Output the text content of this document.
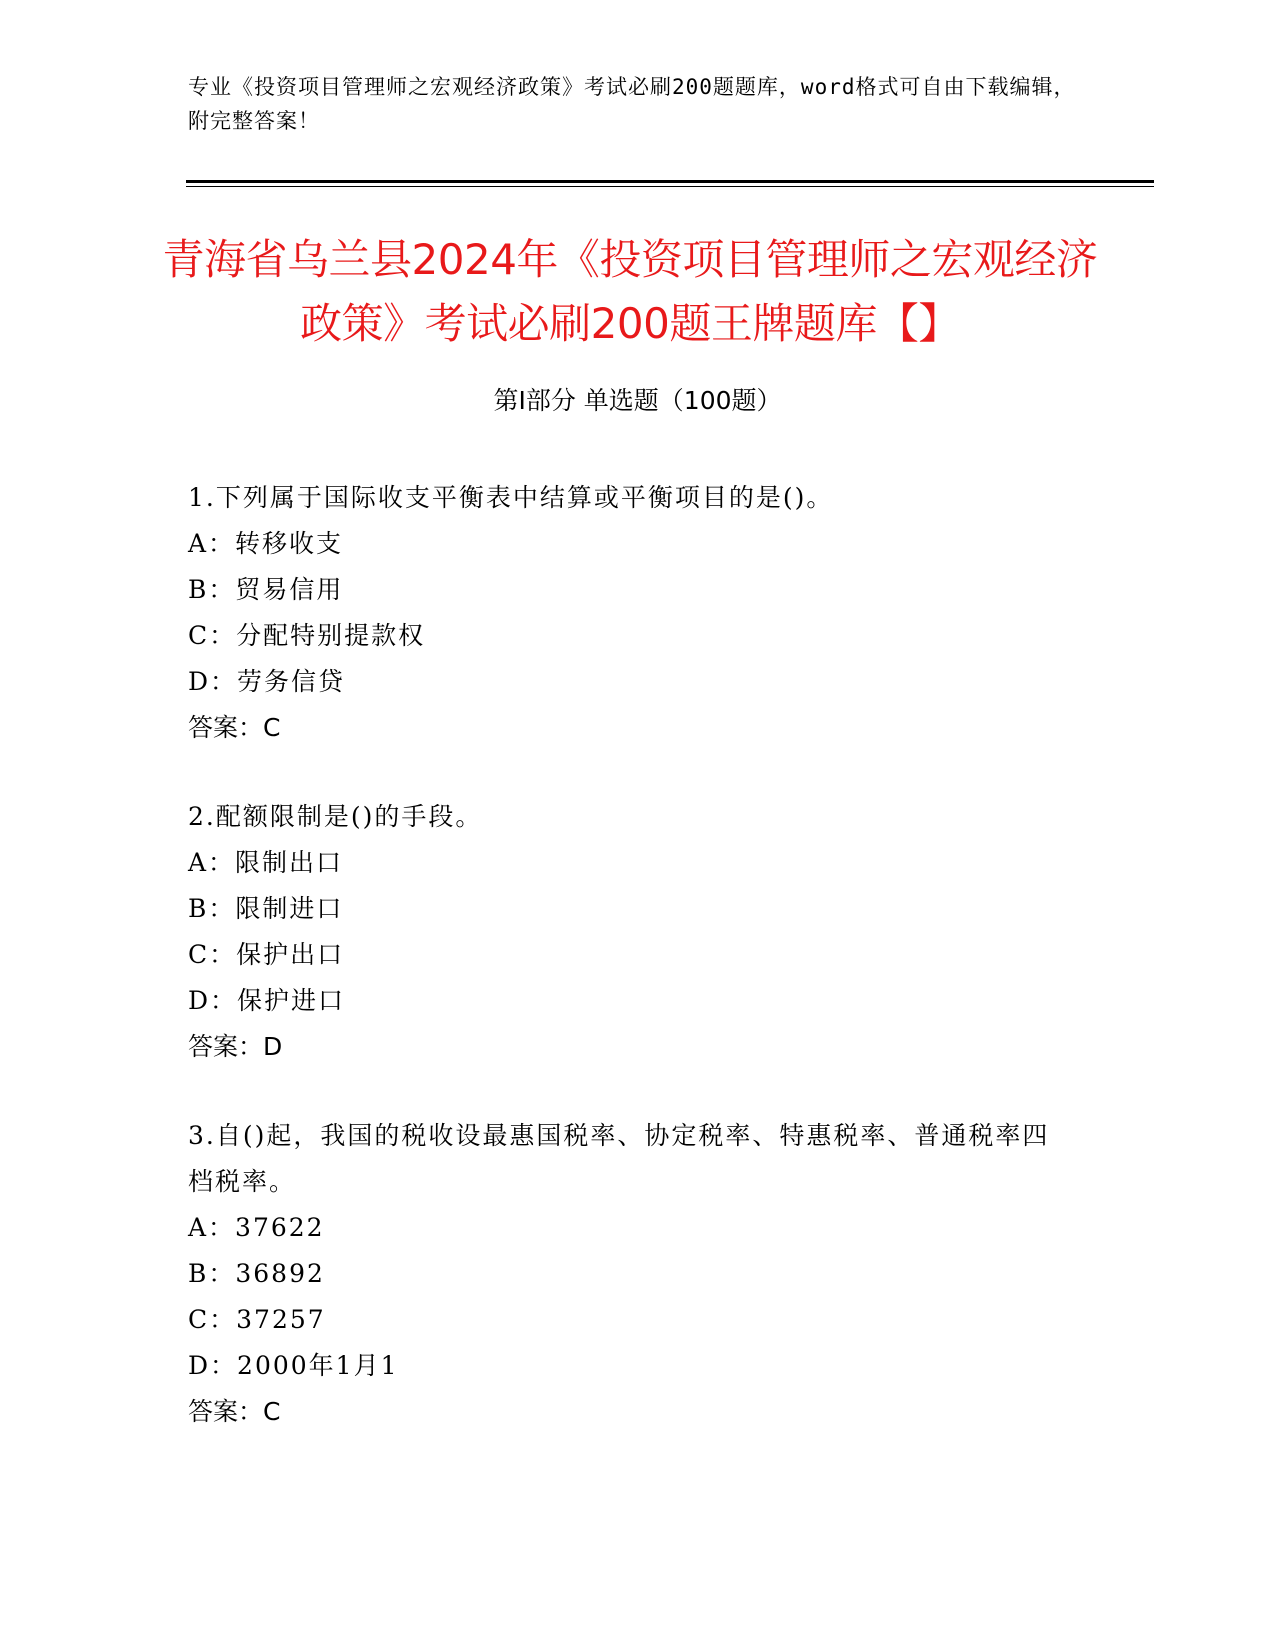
专业《投资项目管理师之宏观经济政策》考试必刷200题题库，word格式可自由下载编辑，附完整答案！
青海省乌兰县2024年《投资项目管理师之宏观经济政策》考试必刷200题王牌题库【】
第I部分 单选题（100题）

1.下列属于国际收支平衡表中结算或平衡项目的是()。

A：转移收支

B：贸易信用

C：分配特别提款权

D：劳务信贷

答案：C

2.配额限制是()的手段。

A：限制出口

B：限制进口

C：保护出口

D：保护进口

答案：D

3.自()起，我国的税收设最惠国税率、协定税率、特惠税率、普通税率四档税率。

A：37622

B：36892

C：37257

D：2000年1月1

答案：C
